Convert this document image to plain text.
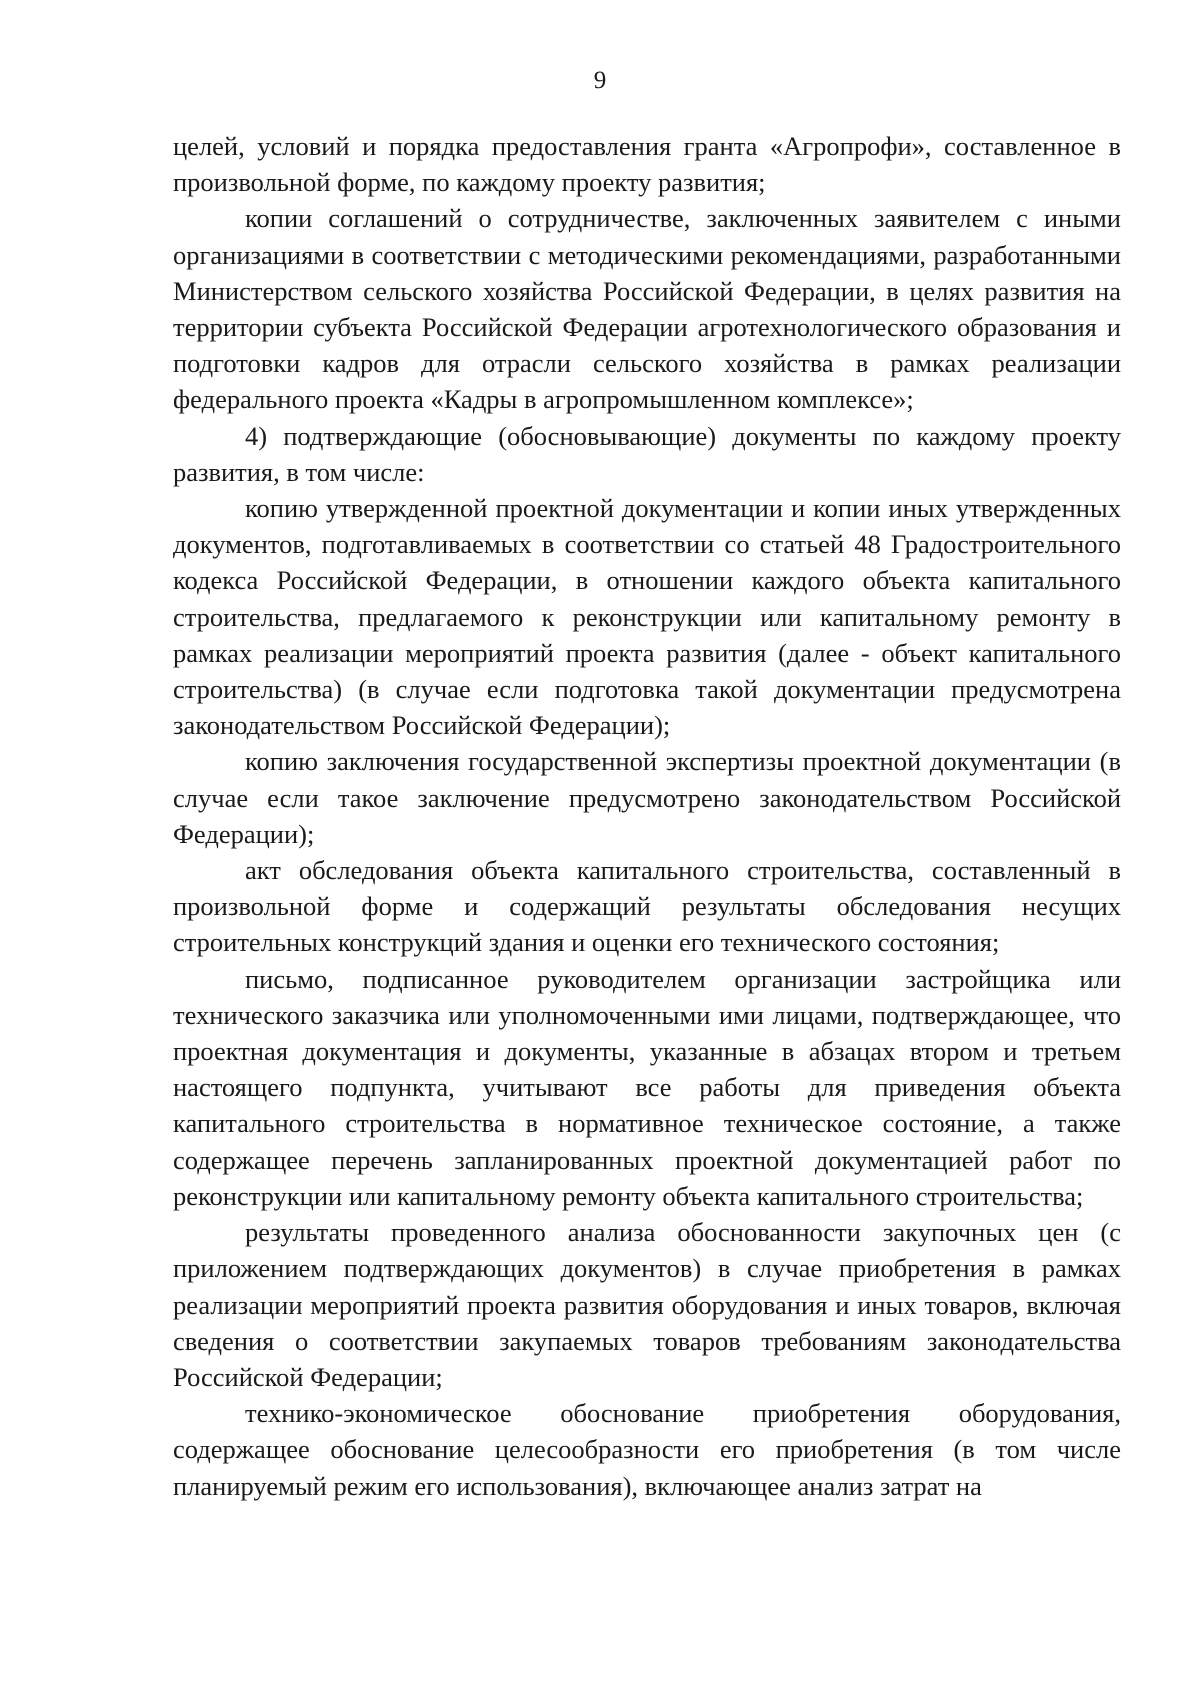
9

целей, условий и порядка предоставления гранта «Агропрофи», составленное в произвольной форме, по каждому проекту развития;

копии соглашений о сотрудничестве, заключенных заявителем с иными организациями в соответствии с методическими рекомендациями, разработанными Министерством сельского хозяйства Российской Федерации, в целях развития на территории субъекта Российской Федерации агротехнологического образования и подготовки кадров для отрасли сельского хозяйства в рамках реализации федерального проекта «Кадры в агропромышленном комплексе»;

4) подтверждающие (обосновывающие) документы по каждому проекту развития, в том числе:

копию утвержденной проектной документации и копии иных утвержденных документов, подготавливаемых в соответствии со статьей 48 Градостроительного кодекса Российской Федерации, в отношении каждого объекта капитального строительства, предлагаемого к реконструкции или капитальному ремонту в рамках реализации мероприятий проекта развития (далее - объект капитального строительства) (в случае если подготовка такой документации предусмотрена законодательством Российской Федерации);

копию заключения государственной экспертизы проектной документации (в случае если такое заключение предусмотрено законодательством Российской Федерации);

акт обследования объекта капитального строительства, составленный в произвольной форме и содержащий результаты обследования несущих строительных конструкций здания и оценки его технического состояния;

письмо, подписанное руководителем организации застройщика или технического заказчика или уполномоченными ими лицами, подтверждающее, что проектная документация и документы, указанные в абзацах втором и третьем настоящего подпункта, учитывают все работы для приведения объекта капитального строительства в нормативное техническое состояние, а также содержащее перечень запланированных проектной документацией работ по реконструкции или капитальному ремонту объекта капитального строительства;

результаты проведенного анализа обоснованности закупочных цен (с приложением подтверждающих документов) в случае приобретения в рамках реализации мероприятий проекта развития оборудования и иных товаров, включая сведения о соответствии закупаемых товаров требованиям законодательства Российской Федерации;

технико-экономическое обоснование приобретения оборудования, содержащее обоснование целесообразности его приобретения (в том числе планируемый режим его использования), включающее анализ затрат на
